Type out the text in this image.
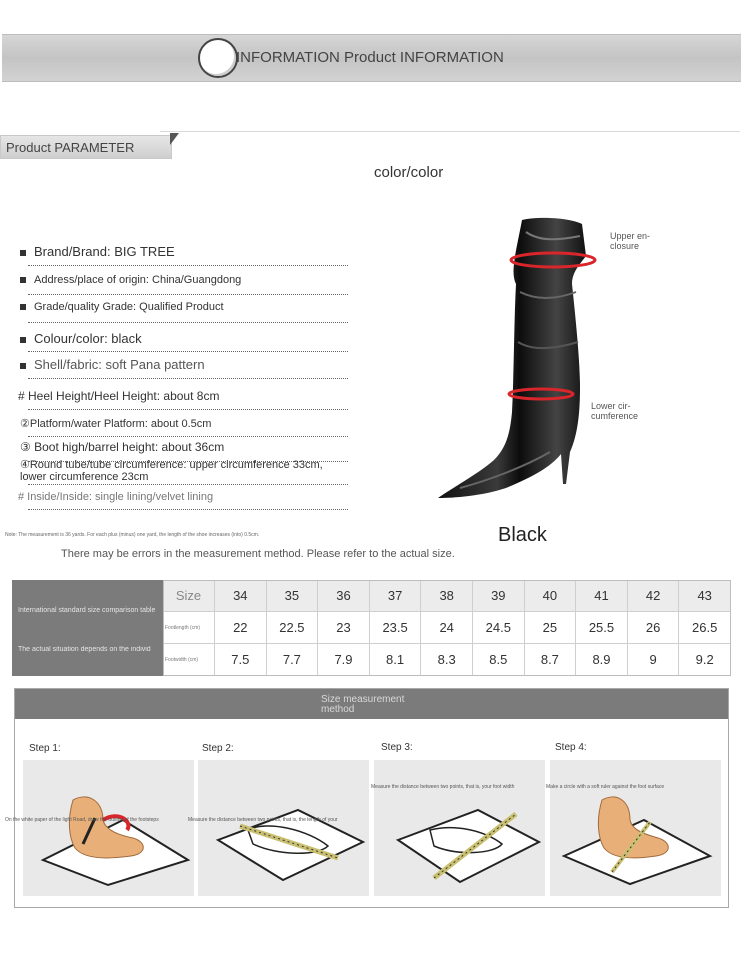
INFORMATION Product INFORMATION
Product PARAMETER
color/color
Brand/Brand: BIG TREE
Address/place of origin: China/Guangdong
Grade/quality Grade: Qualified Product
Colour/color: black
Shell/fabric: soft Pana pattern
# Heel Height/Heel Height: about 8cm
②Platform/water Platform: about 0.5cm
③ Boot high/barrel height: about 36cm
④Round tube/tube circumference: upper circumference 33cm, lower circumference 23cm
# Inside/Inside: single lining/velvet lining
Upper en-closure
Lower cir-cumference
Black
Note: The measurement is 36 yards. For each plus (minus) one yard, the length of the shoe increases (into) 0.5cm.
There may be errors in the measurement method. Please refer to the actual size.
International standard size comparison table
The actual situation depends on the individ
Size	34	35	36	37	38	39	40	41	42	43
Footlength (cm)	22	22.5	23	23.5	24	24.5	25	25.5	26	26.5
Footwidth (cm)	7.5	7.7	7.9	8.1	8.3	8.5	8.7	8.9	9	9.2
Size measurement method
Step 1:	Step 2:	Step 3:	Step 4:
On the white paper of the light Road, draw the outline of the footsteps	Measure the distance between two points, that is, the length of your
Measure the distance between two points, that is, your foot width	Make a circle with a soft ruler against the foot surface
